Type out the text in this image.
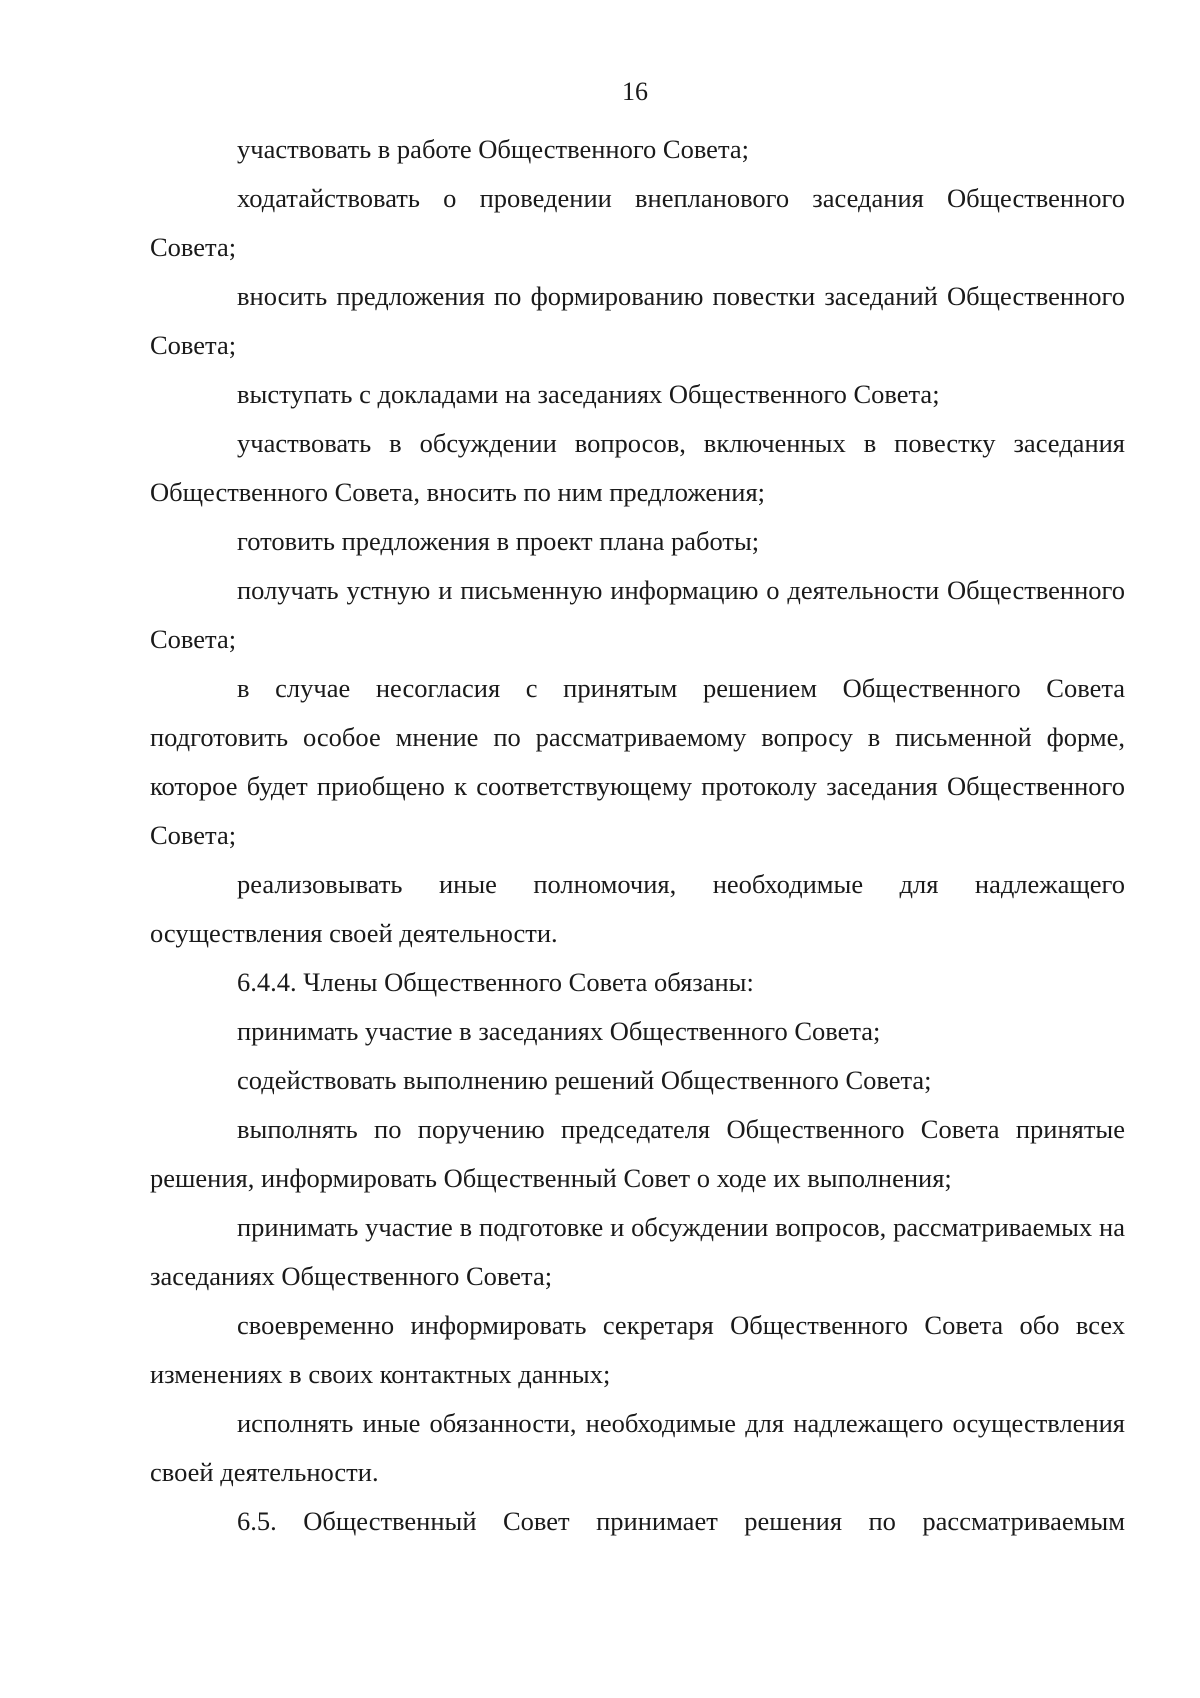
16

участвовать в работе Общественного Совета;

ходатайствовать о проведении внепланового заседания Общественного Совета;

вносить предложения по формированию повестки заседаний Общественного Совета;

выступать с докладами на заседаниях Общественного Совета;

участвовать в обсуждении вопросов, включенных в повестку заседания Общественного Совета, вносить по ним предложения;

готовить предложения в проект плана работы;

получать устную и письменную информацию о деятельности Общественного Совета;

в случае несогласия с принятым решением Общественного Совета подготовить особое мнение по рассматриваемому вопросу в письменной форме, которое будет приобщено к соответствующему протоколу заседания Общественного Совета;

реализовывать иные полномочия, необходимые для надлежащего осуществления своей деятельности.

6.4.4. Члены Общественного Совета обязаны:

принимать участие в заседаниях Общественного Совета;

содействовать выполнению решений Общественного Совета;

выполнять по поручению председателя Общественного Совета принятые решения, информировать Общественный Совет о ходе их выполнения;

принимать участие в подготовке и обсуждении вопросов, рассматриваемых на заседаниях Общественного Совета;

своевременно информировать секретаря Общественного Совета обо всех изменениях в своих контактных данных;

исполнять иные обязанности, необходимые для надлежащего осуществления своей деятельности.

6.5. Общественный Совет принимает решения по рассматриваемым
